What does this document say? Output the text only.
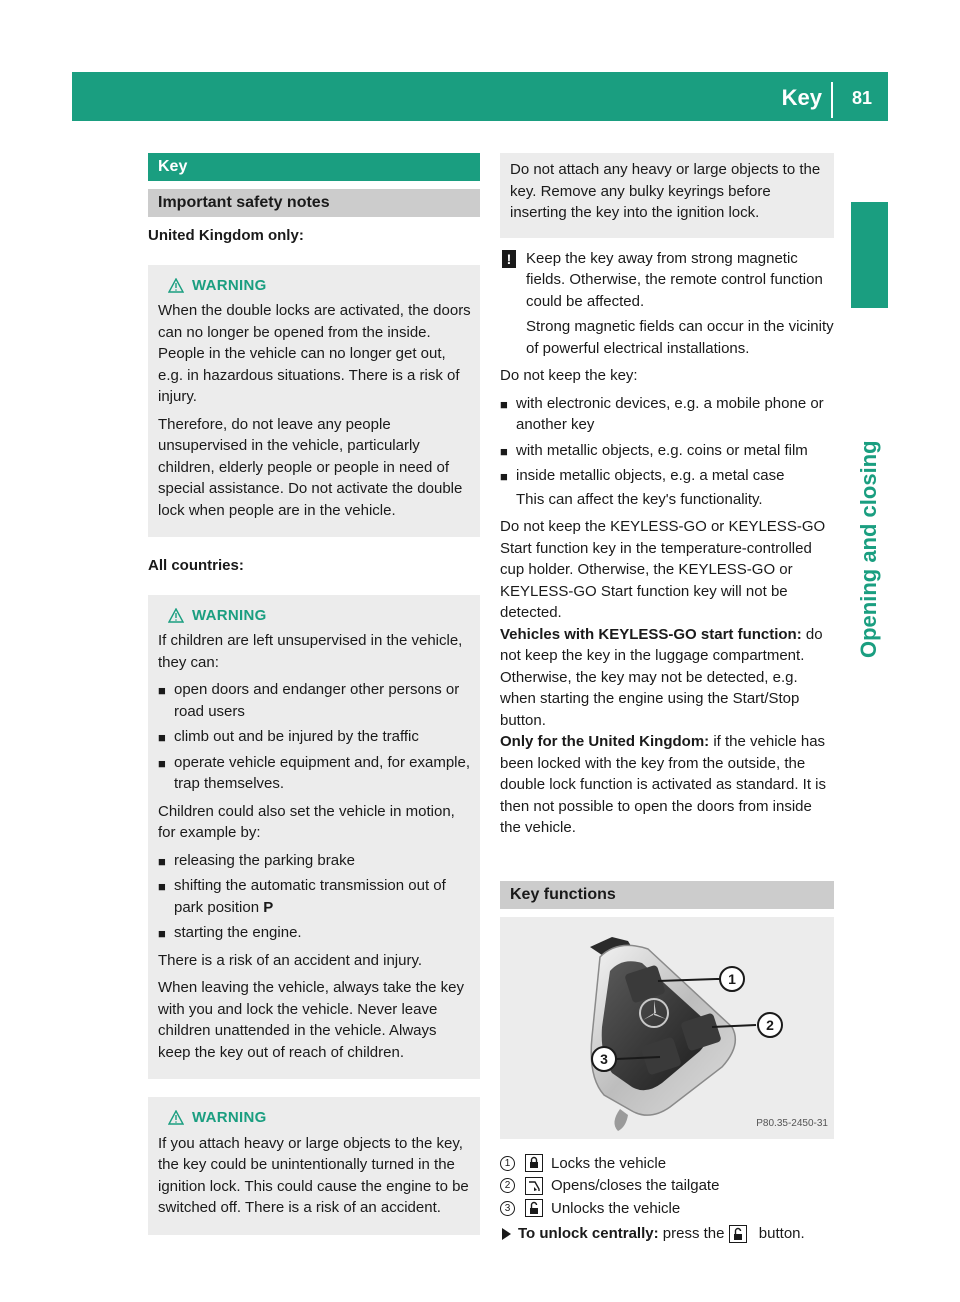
Key 81
Opening and closing
Key
Important safety notes
United Kingdom only:
WARNING

When the double locks are activated, the doors can no longer be opened from the inside. People in the vehicle can no longer get out, e.g. in hazardous situations. There is a risk of injury.

Therefore, do not leave any people unsupervised in the vehicle, particularly children, elderly people or people in need of special assistance. Do not activate the double lock when people are in the vehicle.

All countries:
WARNING

If children are left unsupervised in the vehicle, they can:

■ open doors and endanger other persons or road users
■ climb out and be injured by the traffic
■ operate vehicle equipment and, for example, trap themselves.

Children could also set the vehicle in motion, for example by:

■ releasing the parking brake
■ shifting the automatic transmission out of park position P
■ starting the engine.

There is a risk of an accident and injury.

When leaving the vehicle, always take the key with you and lock the vehicle. Never leave children unattended in the vehicle. Always keep the key out of reach of children.

WARNING

If you attach heavy or large objects to the key, the key could be unintentionally turned in the ignition lock. This could cause the engine to be switched off. There is a risk of an accident.

Do not attach any heavy or large objects to the key. Remove any bulky keyrings before inserting the key into the ignition lock.

! Keep the key away from strong magnetic fields. Otherwise, the remote control function could be affected.
Strong magnetic fields can occur in the vicinity of powerful electrical installations.

Do not keep the key:

■ with electronic devices, e.g. a mobile phone or another key
■ with metallic objects, e.g. coins or metal film
■ inside metallic objects, e.g. a metal case

This can affect the key's functionality.

Do not keep the KEYLESS-GO or KEYLESS-GO Start function key in the temperature-controlled cup holder. Otherwise, the KEYLESS-GO or KEYLESS-GO Start function key will not be detected.

Vehicles with KEYLESS-GO start function: do not keep the key in the luggage compartment. Otherwise, the key may not be detected, e.g. when starting the engine using the Start/Stop button.

Only for the United Kingdom: if the vehicle has been locked with the key from the outside, the double lock function is activated as standard. It is then not possible to open the doors from inside the vehicle.

Key functions
1
2
3
P80.35-2450-31
1	Locks the vehicle
2	Opens/closes the tailgate
3	Unlocks the vehicle
To unlock centrally: press the  button.
